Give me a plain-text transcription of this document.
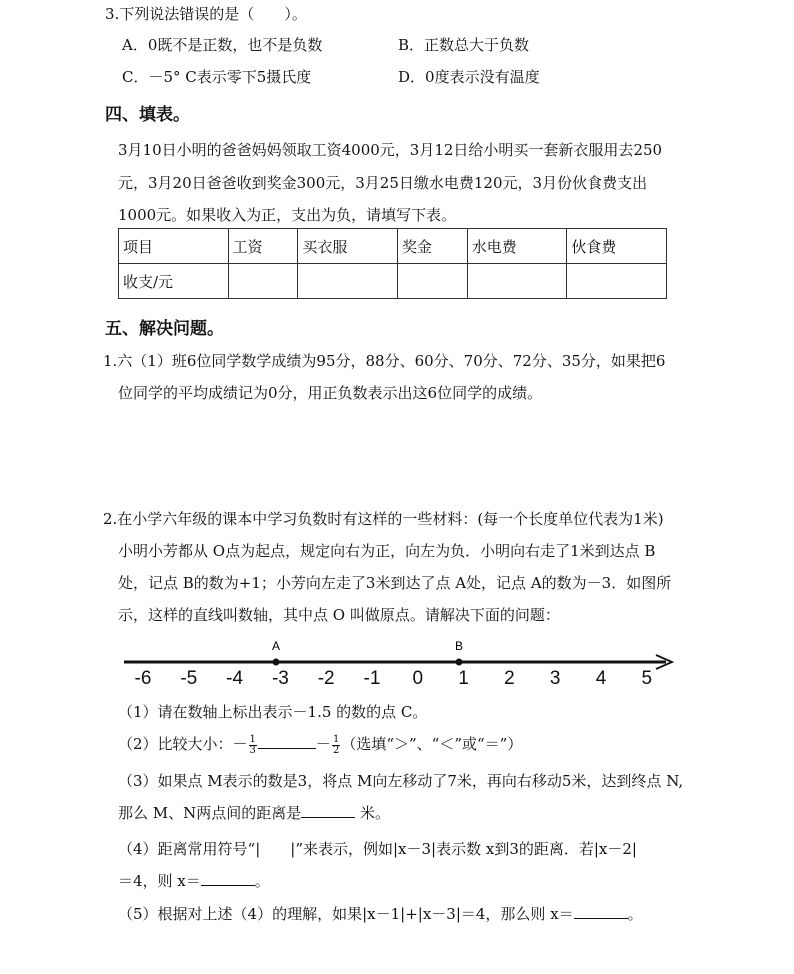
3.下列说法错误的是（　　）。
A．0既不是正数，也不是负数	B．正数总大于负数
C．－5° C表示零下5摄氏度	D．0度表示没有温度
四、填表。
3月10日小明的爸爸妈妈领取工资4000元，3月12日给小明买一套新衣服用去250
元，3月20日爸爸收到奖金300元，3月25日缴水电费120元，3月份伙食费支出
1000元。如果收入为正，支出为负，请填写下表。
项目	工资	买衣服	奖金	水电费	伙食费
收支/元					
五、解决问题。
1.六（1）班6位同学数学成绩为95分，88分、60分、70分、72分、35分，如果把6
位同学的平均成绩记为0分，用正负数表示出这6位同学的成绩。
2.在小学六年级的课本中学习负数时有这样的一些材料：(每一个长度单位代表为1米)
小明小芳都从 O点为起点，规定向右为正，向左为负．小明向右走了1米到达点 B
处，记点 B的数为+1；小芳向左走了3米到达了点 A处，记点 A的数为－3．如图所
示，这样的直线叫数轴，其中点 O 叫做原点。请解决下面的问题：
-6 -5 -4 -3 -2 -1 0 1 2 3 4 5
A	B
（1）请在数轴上标出表示－1.5 的数的点 C。
（2）比较大小：－ $\frac{1}{3}$	－ $\frac{1}{2}$ （选填“＞”、“＜”或“＝”）
（3）如果点 M表示的数是3，将点 M向左移动了7米，再向右移动5米，达到终点 N,
那么 M、N两点间的距离是	米。
（4）距离常用符号“|　　|”来表示，例如|x－3|表示数 x到3的距离．若|x－2|
＝4，则 x＝	。
（5）根据对上述（4）的理解，如果|x－1|+|x－3|＝4，那么则 x＝	。
